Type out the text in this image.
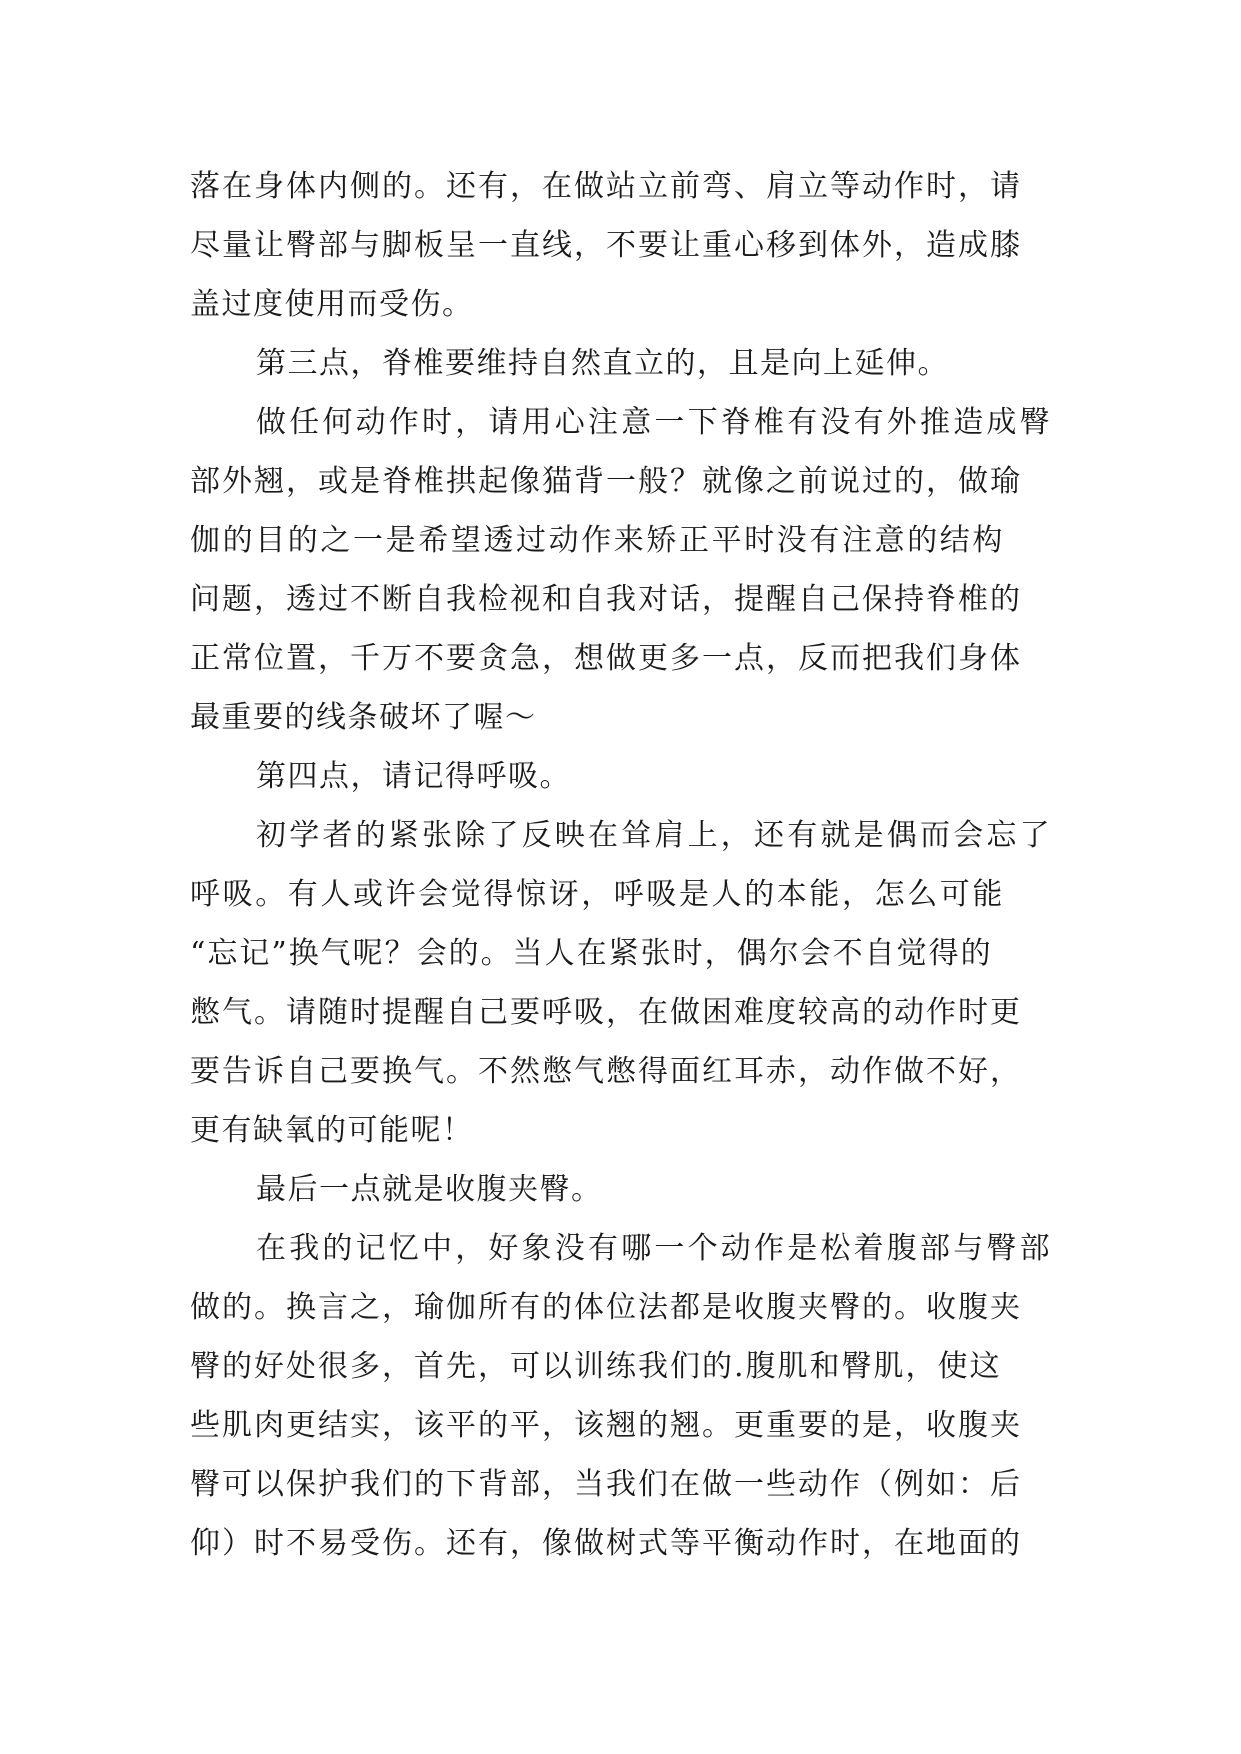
落在身体内侧的。还有，在做站立前弯、肩立等动作时，请
尽量让臀部与脚板呈一直线，不要让重心移到体外，造成膝
盖过度使用而受伤。
第三点，脊椎要维持自然直立的，且是向上延伸。
做任何动作时，请用心注意一下脊椎有没有外推造成臀
部外翘，或是脊椎拱起像猫背一般？就像之前说过的，做瑜
伽的目的之一是希望透过动作来矫正平时没有注意的结构
问题，透过不断自我检视和自我对话，提醒自己保持脊椎的
正常位置，千万不要贪急，想做更多一点，反而把我们身体
最重要的线条破坏了喔～
第四点，请记得呼吸。
初学者的紧张除了反映在耸肩上，还有就是偶而会忘了
呼吸。有人或许会觉得惊讶，呼吸是人的本能，怎么可能
“忘记”换气呢？会的。当人在紧张时，偶尔会不自觉得的
憋气。请随时提醒自己要呼吸，在做困难度较高的动作时更
要告诉自己要换气。不然憋气憋得面红耳赤，动作做不好，
更有缺氧的可能呢！
最后一点就是收腹夹臀。
在我的记忆中，好象没有哪一个动作是松着腹部与臀部
做的。换言之，瑜伽所有的体位法都是收腹夹臀的。收腹夹
臀的好处很多，首先，可以训练我们的.腹肌和臀肌，使这
些肌肉更结实，该平的平，该翘的翘。更重要的是，收腹夹
臀可以保护我们的下背部，当我们在做一些动作（例如：后
仰）时不易受伤。还有，像做树式等平衡动作时，在地面的
